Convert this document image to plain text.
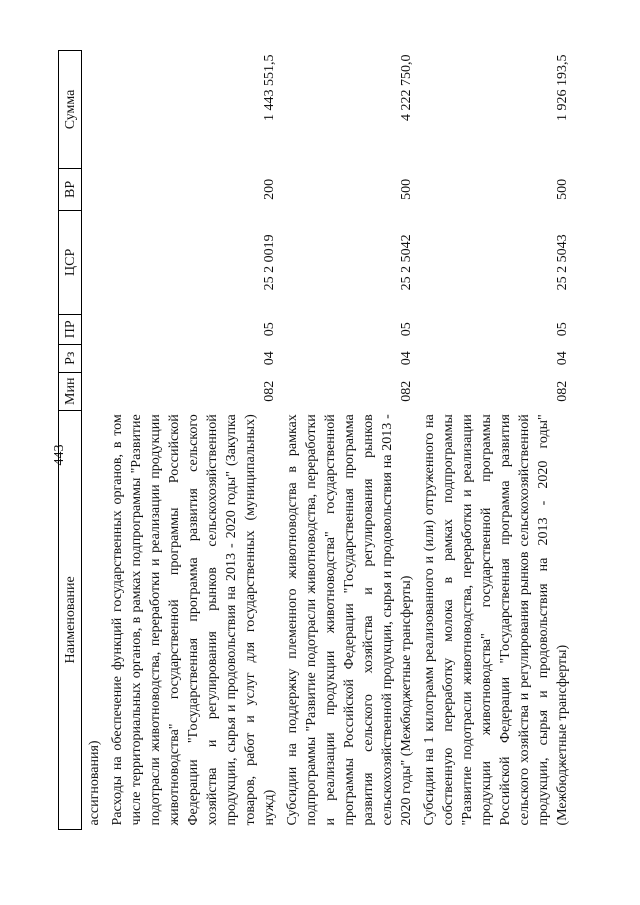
443
Наименование	Мин	Рз	ПР	ЦСР	ВР	Сумма
ассигнования)						
Расходы на обеспечение функций государственных органов, в том числе территориальных органов, в рамках подпрограммы "Развитие подотрасли животноводства, переработки и реализации продукции животноводства" государственной программы Российской Федерации "Государственная программа развития сельского хозяйства и регулирования рынков сельскохозяйственной продукции, сырья и продовольствия на 2013 - 2020 годы" (Закупка товаров, работ и услуг для государственных (муниципальных) нужд)	082	04	05	25 2 0019	200	1 443 551,5
Субсидии на поддержку племенного животноводства в рамках подпрограммы "Развитие подотрасли животноводства, переработки и реализации продукции животноводства" государственной программы Российской Федерации "Государственная программа развития сельского хозяйства и регулирования рынков сельскохозяйственной продукции, сырья и продовольствия на 2013 - 2020 годы" (Межбюджетные трансферты)	082	04	05	25 2 5042	500	4 222 750,0
Субсидии на 1 килограмм реализованного и (или) отгруженного на собственную переработку молока в рамках подпрограммы "Развитие подотрасли животноводства, переработки и реализации продукции животноводства" государственной программы Российской Федерации "Государственная программа развития сельского хозяйства и регулирования рынков сельскохозяйственной продукции, сырья и продовольствия на 2013 - 2020 годы" (Межбюджетные трансферты)	082	04	05	25 2 5043	500	1 926 193,5
